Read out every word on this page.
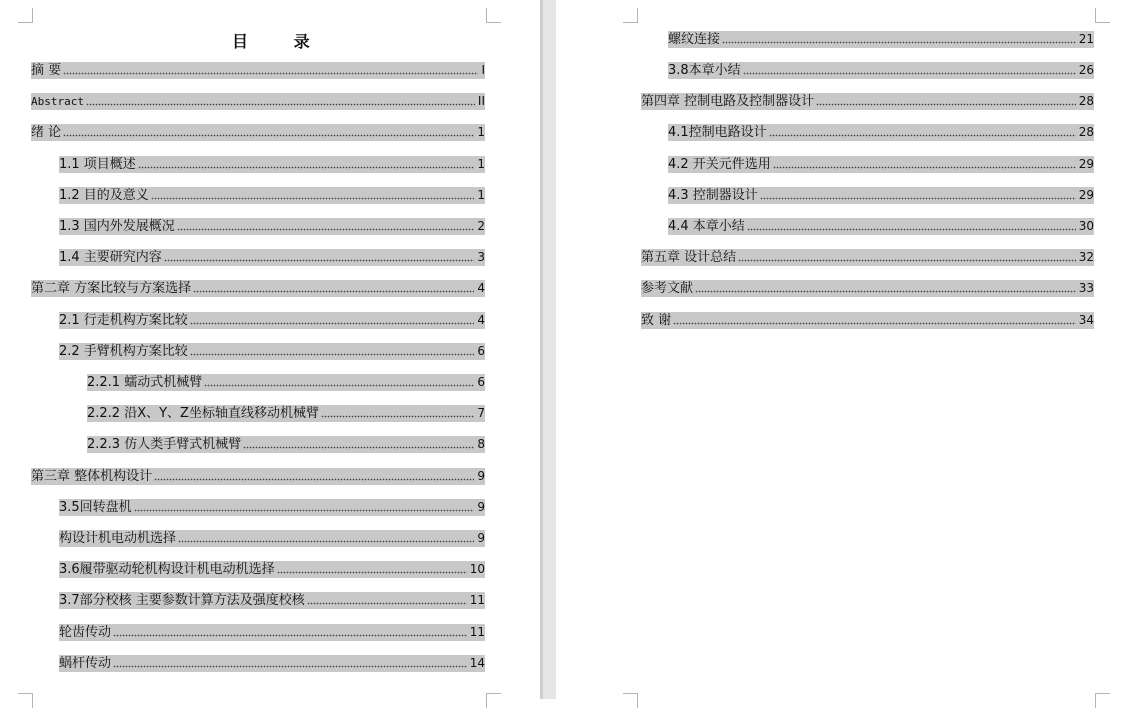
目 录
摘 要	I
Abstract	II
绪 论	1
1.1 项目概述	1
1.2 目的及意义	1
1.3 国内外发展概况	2
1.4 主要研究内容	3
第二章 方案比较与方案选择	4
2.1 行走机构方案比较	4
2.2 手臂机构方案比较	6
2.2.1 蠕动式机械臂	6
2.2.2 沿X、Y、Z坐标轴直线移动机械臂	7
2.2.3 仿人类手臂式机械臂	8
第三章 整体机构设计	9
3.5回转盘机	9
构设计机电动机选择	9
3.6履带驱动轮机构设计机电动机选择	10
3.7部分校核 主要参数计算方法及强度校核	11
轮齿传动	11
蜗杆传动	14
螺纹连接	21
3.8本章小结	26
第四章 控制电路及控制器设计	28
4.1控制电路设计	28
4.2 开关元件选用	29
4.3 控制器设计	29
4.4 本章小结	30
第五章 设计总结	32
参考文献	33
致 谢	34
